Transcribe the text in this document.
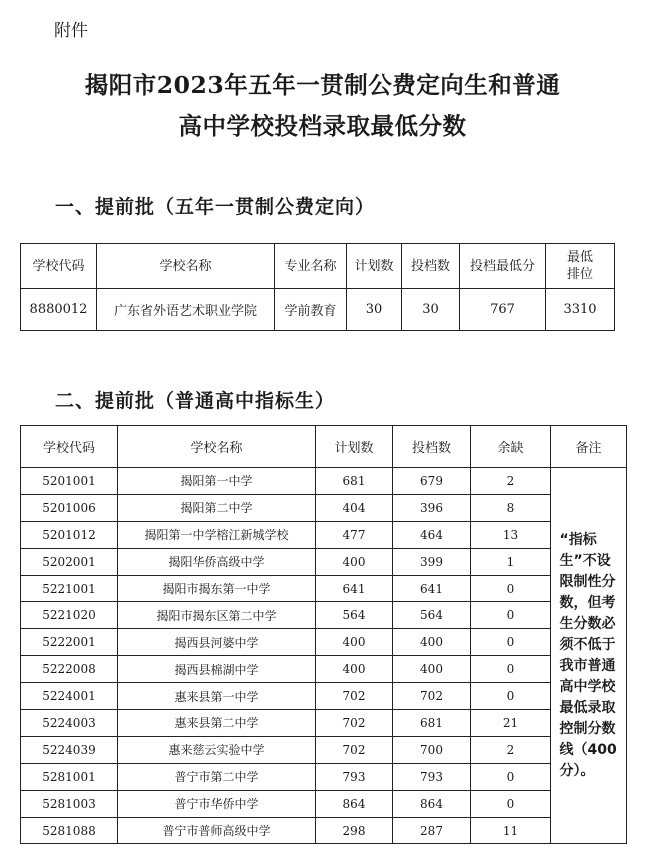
附件
揭阳市2023年五年一贯制公费定向生和普通
高中学校投档录取最低分数
一、提前批（五年一贯制公费定向）
学校代码	学校名称	专业名称	计划数	投档数	投档最低分	最低排位

8880012	广东省外语艺术职业学院	学前教育	30	30	767	3310
二、提前批（普通高中指标生）
学校代码	学校名称	计划数	投档数	余缺	备注
5201001	揭阳第一中学	681	679	2	“指标生”不设限制性分数，但考生分数必须不低于我市普通高中学校最低录取控制分数线（400分）。

5201006	揭阳第二中学	404	396	8	
5201012	揭阳第一中学榕江新城学校	477	464	13	
5202001	揭阳华侨高级中学	400	399	1	
5221001	揭阳市揭东第一中学	641	641	0	
5221020	揭阳市揭东区第二中学	564	564	0	
5222001	揭西县河婆中学	400	400	0	
5222008	揭西县棉湖中学	400	400	0	
5224001	惠来县第一中学	702	702	0	
5224003	惠来县第二中学	702	681	21	
5224039	惠来慈云实验中学	702	700	2	
5281001	普宁市第二中学	793	793	0	
5281003	普宁市华侨中学	864	864	0	
5281088	普宁市普师高级中学	298	287	11	
